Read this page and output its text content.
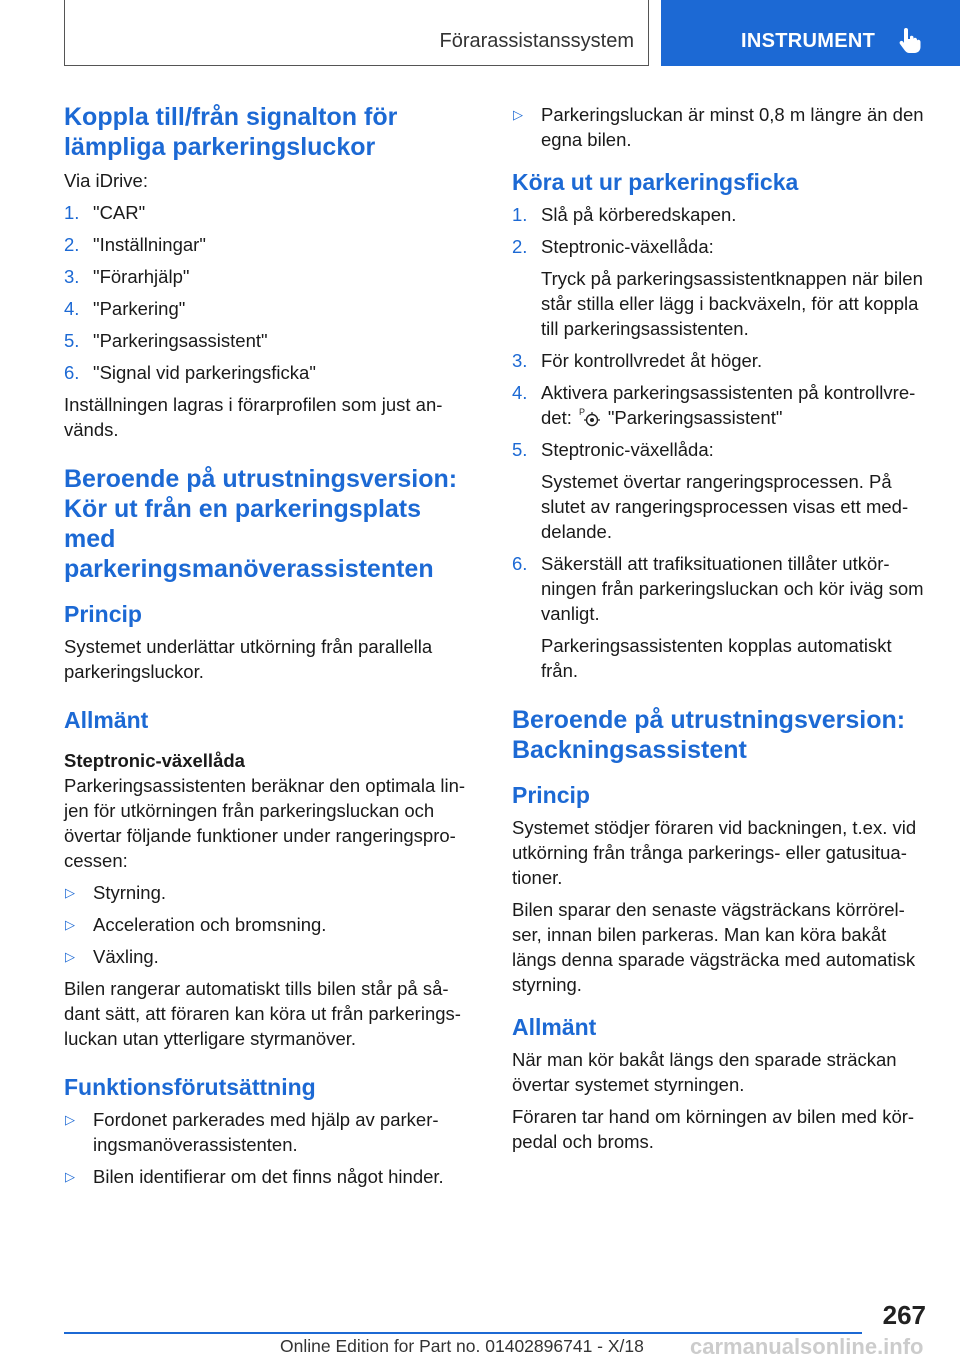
Förarassistanssystem	INSTRUMENT
Koppla till/från signalton för lämpliga parkeringsluckor

Via iDrive:

1. "CAR"
2. "Inställningar"
3. "Förarhjälp"
4. "Parkering"
5. "Parkeringsassistent"
6. "Signal vid parkeringsficka"

Inställningen lagras i förarprofilen som just används.

Beroende på utrustningsversion: Kör ut från en parkeringsplats med parkeringsmanöverassistenten
Princip

Systemet underlättar utkörning från parallella parkeringsluckor.

Allmänt
Steptronic-växellåda

Parkeringsassistenten beräknar den optimala linjen för utkörningen från parkeringsluckan och övertar följande funktioner under rangeringsprocessen:

▷ Styrning.
▷ Acceleration och bromsning.
▷ Växling.

Bilen rangerar automatiskt tills bilen står på sådant sätt, att föraren kan köra ut från parkeringsluckan utan ytterligare styrmanöver.

Funktionsförutsättning
▷ Fordonet parkerades med hjälp av parkeringsmanöverassistenten.
▷ Bilen identifierar om det finns något hinder.
▷ Parkeringsluckan är minst 0,8 m längre än den egna bilen.
Köra ut ur parkeringsficka
1. Slå på körberedskapen.
2. Steptronic-växellåda:
Tryck på parkeringsassistentknappen när bilen står stilla eller lägg i backväxeln, för att koppla till parkeringsassistenten.
3. För kontrollvredet åt höger.
4. Aktivera parkeringsassistenten på kontrollvredet: P "Parkeringsassistent"
5. Steptronic-växellåda:
Systemet övertar rangeringsprocessen. På slutet av rangeringsprocessen visas ett meddelande.
6. Säkerställ att trafiksituationen tillåter utkörningen från parkeringsluckan och kör iväg som vanligt.
Parkeringsassistenten kopplas automatiskt från.
Beroende på utrustningsversion: Backningsassistent
Princip

Systemet stödjer föraren vid backningen, t.ex. vid utkörning från trånga parkerings- eller gatusituationer.

Bilen sparar den senaste vägsträckans körrörelser, innan bilen parkeras. Man kan köra bakåt längs denna sparade vägsträcka med automatisk styrning.

Allmänt

När man kör bakåt längs den sparade sträckan övertar systemet styrningen.

Föraren tar hand om körningen av bilen med körpedal och broms.

267
Online Edition for Part no. 01402896741 - X/18 carmanualsonline.info
